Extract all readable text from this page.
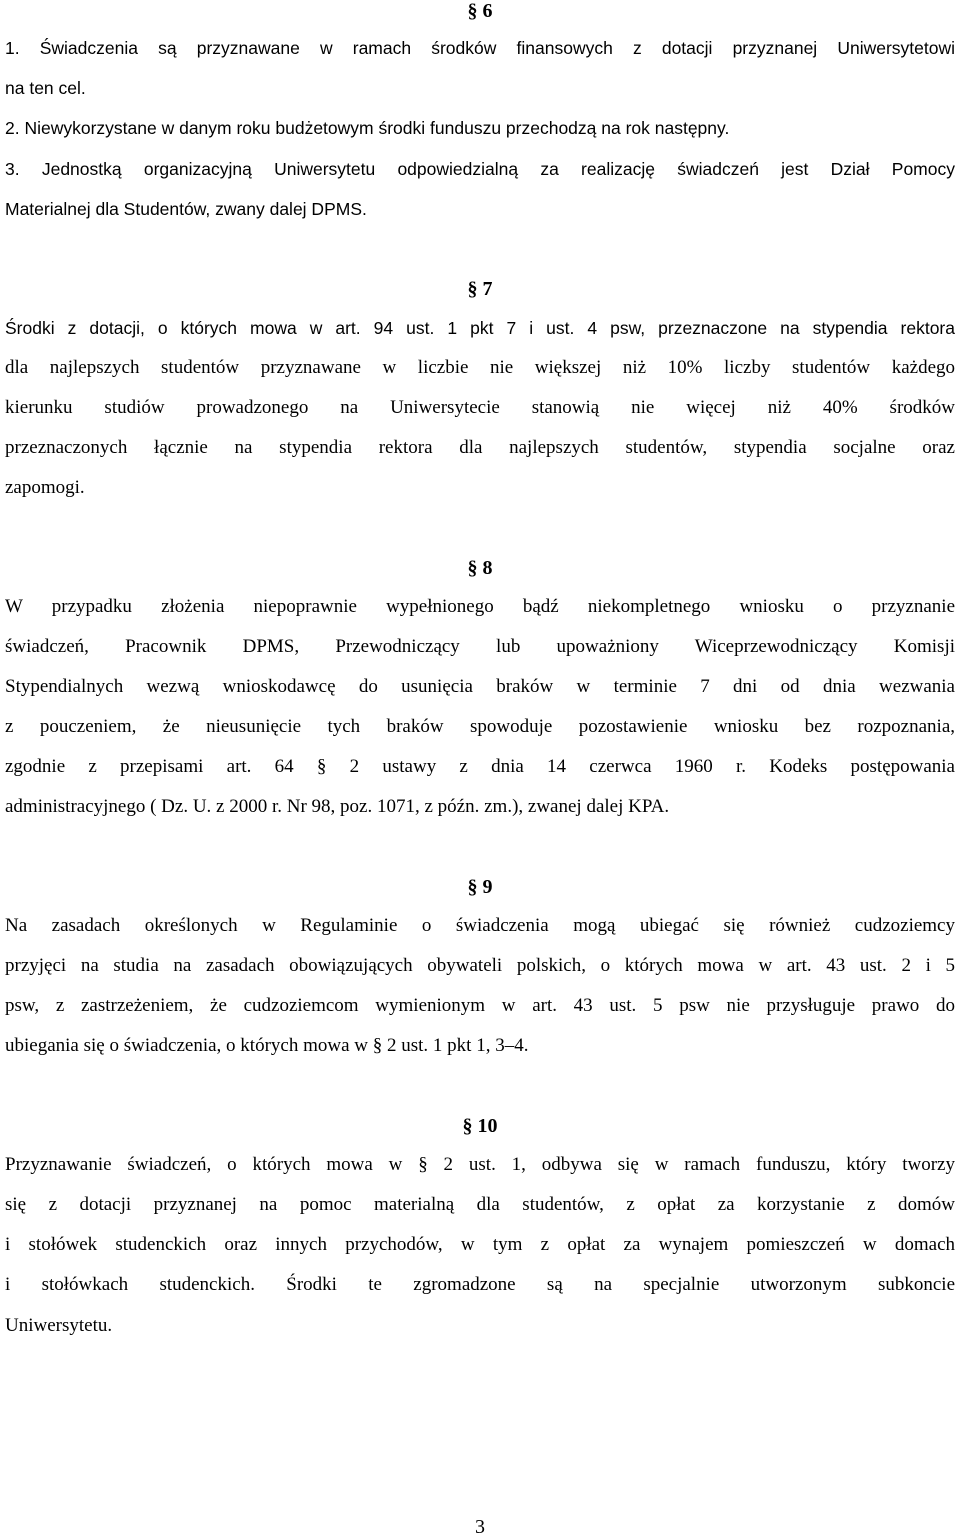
§ 6
1. Świadczenia są przyznawane w ramach środków finansowych z dotacji przyznanej Uniwersytetowi
na ten cel.
2. Niewykorzystane w danym roku budżetowym środki funduszu przechodzą na rok następny.
3. Jednostką organizacyjną Uniwersytetu odpowiedzialną za realizację świadczeń jest Dział Pomocy
Materialnej dla Studentów, zwany dalej DPMS.
§ 7
Środki z dotacji, o których mowa w art. 94 ust. 1 pkt 7 i ust. 4 psw, przeznaczone na stypendia rektora
dla najlepszych studentów przyznawane w liczbie nie większej niż 10% liczby studentów każdego
kierunku studiów prowadzonego na Uniwersytecie stanowią nie więcej niż 40% środków
przeznaczonych łącznie na stypendia rektora dla najlepszych studentów, stypendia socjalne oraz
zapomogi.
§ 8
W przypadku złożenia niepoprawnie wypełnionego bądź niekompletnego wniosku o przyznanie
świadczeń, Pracownik DPMS, Przewodniczący lub upoważniony Wiceprzewodniczący Komisji
Stypendialnych wezwą wnioskodawcę do usunięcia braków w terminie 7 dni od dnia wezwania
z pouczeniem, że nieusunięcie tych braków spowoduje pozostawienie wniosku bez rozpoznania,
zgodnie z przepisami art. 64 § 2 ustawy z dnia 14 czerwca 1960 r. Kodeks postępowania
administracyjnego ( Dz. U. z 2000 r. Nr 98, poz. 1071, z późn. zm.), zwanej dalej KPA.
§ 9
Na zasadach określonych w Regulaminie o świadczenia mogą ubiegać się również cudzoziemcy
przyjęci na studia na zasadach obowiązujących obywateli polskich, o których mowa w art. 43 ust. 2 i 5
psw, z zastrzeżeniem, że cudzoziemcom wymienionym w art. 43 ust. 5 psw nie przysługuje prawo do
ubiegania się o świadczenia, o których mowa w § 2 ust. 1 pkt 1, 3–4.
§ 10
Przyznawanie świadczeń, o których mowa w § 2 ust. 1, odbywa się w ramach funduszu, który tworzy
się z dotacji przyznanej na pomoc materialną dla studentów, z opłat za korzystanie z domów
i stołówek studenckich oraz innych przychodów, w tym z opłat za wynajem pomieszczeń w domach
i stołówkach studenckich. Środki te zgromadzone są na specjalnie utworzonym subkoncie
Uniwersytetu.
3
